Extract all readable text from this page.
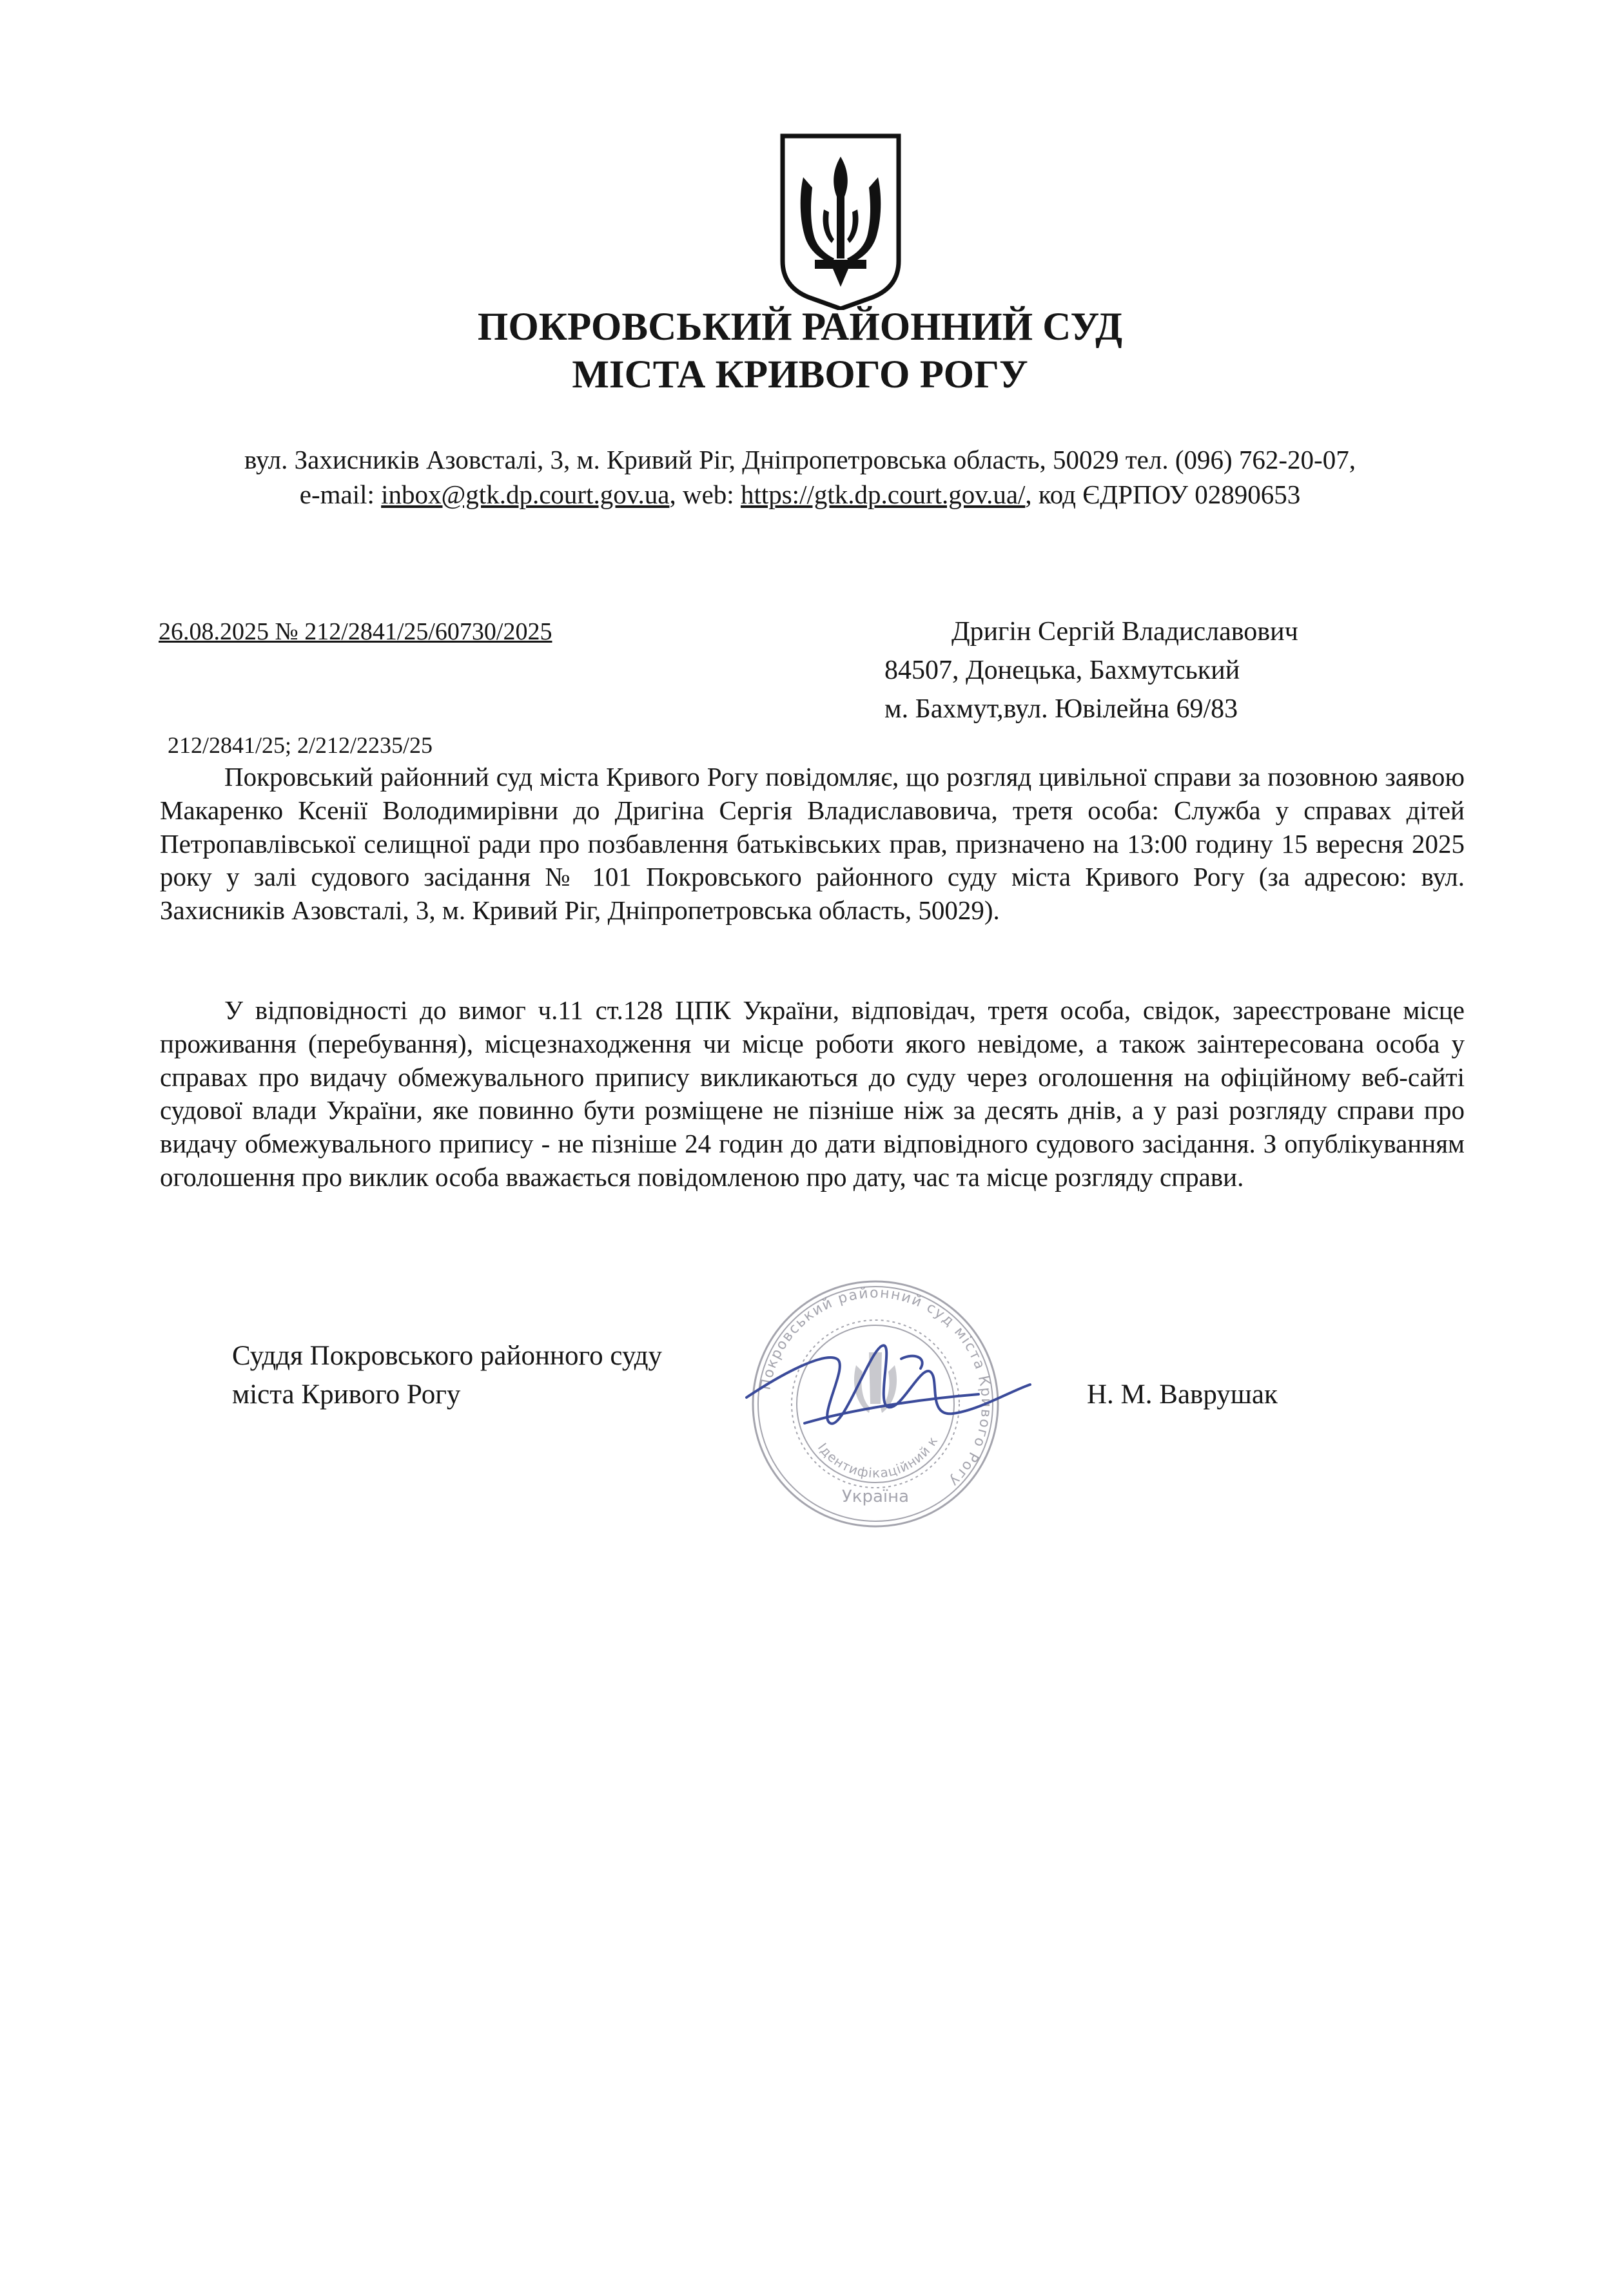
ПОКРОВСЬКИЙ РАЙОННИЙ СУД
МІСТА КРИВОГО РОГУ
вул. Захисників Азовсталі, 3, м. Кривий Ріг, Дніпропетровська область, 50029 тел. (096) 762-20-07,
e-mail: inbox@gtk.dp.court.gov.ua, web: https://gtk.dp.court.gov.ua/, код ЄДРПОУ 02890653
26.08.2025 № 212/2841/25/60730/2025	Дригін Сергій Владиславович
84507, Донецька, Бахмутський
м. Бахмут,вул. Ювілейна 69/83
212/2841/25; 2/212/2235/25

Покровський районний суд міста Кривого Рогу повідомляє, що розгляд цивільної справи за позовною заявою Макаренко Ксенії Володимирівни до Дригіна Сергія Владиславовича, третя особа: Служба у справах дітей Петропавлівської селищної ради про позбавлення батьківських прав, призначено на 13:00 годину 15 вересня 2025 року у залі судового засідання № 101 Покровського районного суду міста Кривого Рогу (за адресою: вул. Захисників Азовсталі, 3, м. Кривий Ріг, Дніпропетровська область, 50029).

У відповідності до вимог ч.11 ст.128 ЦПК України, відповідач, третя особа, свідок, зареєстроване місце проживання (перебування), місцезнаходження чи місце роботи якого невідоме, а також заінтересована особа у справах про видачу обмежувального припису викликаються до суду через оголошення на офіційному веб-сайті судової влади України, яке повинно бути розміщене не пізніше ніж за десять днів, а у разі розгляду справи про видачу обмежувального припису - не пізніше 24 годин до дати відповідного судового засідання. З опублікуванням оголошення про виклик особа вважається повідомленою про дату, час та місце розгляду справи.

Суддя Покровського районного суду
міста Кривого Рогу	Н. М. Ваврушак
Покровський районний суд міста Кривого Рогу
Ідентифікаційний к
Україна
